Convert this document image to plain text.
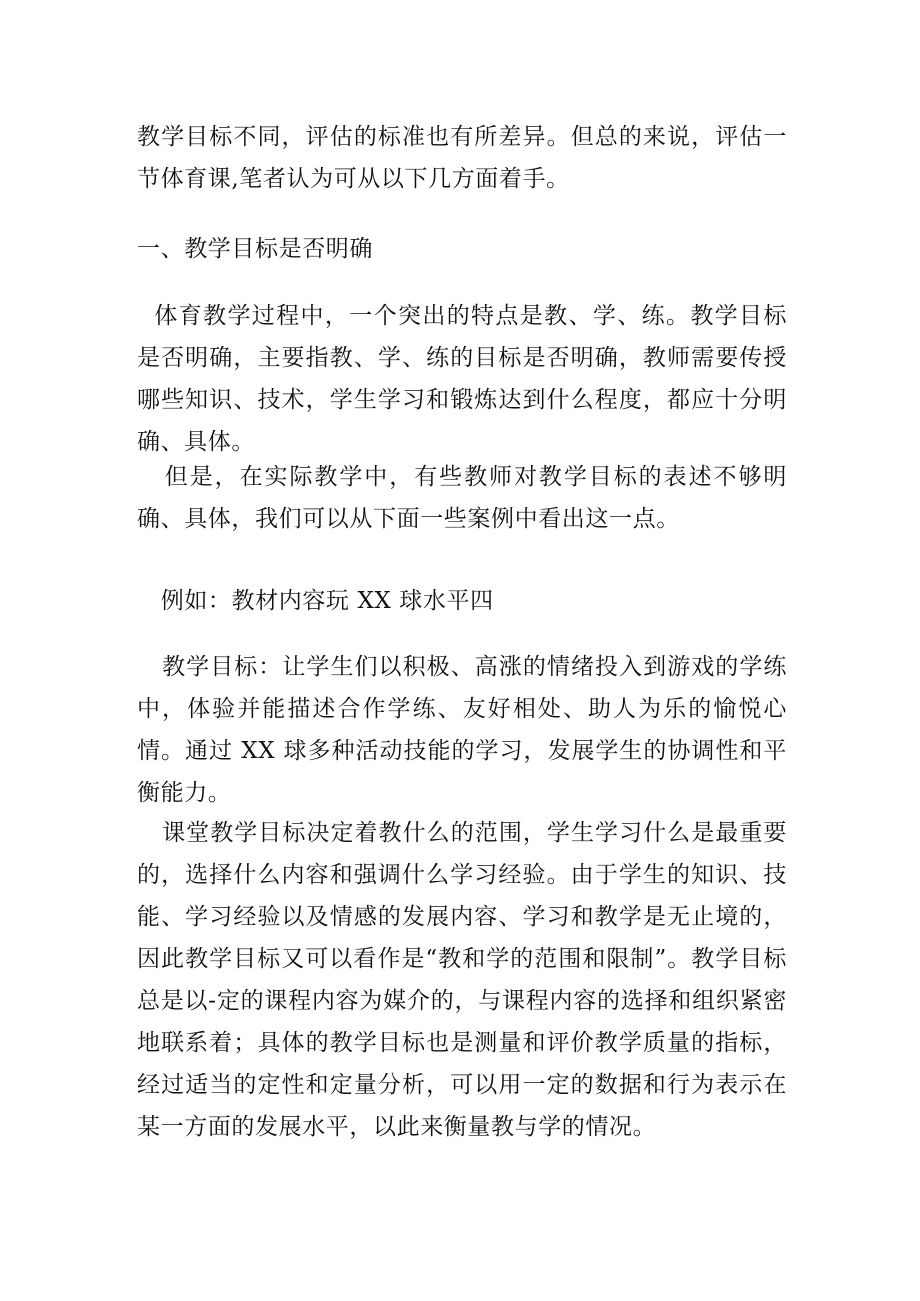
教学目标不同，评估的标准也有所差异。但总的来说，评估一节体育课,笔者认为可从以下几方面着手。

一、教学目标是否明确

体育教学过程中，一个突出的特点是教、学、练。教学目标是否明确，主要指教、学、练的目标是否明确，教师需要传授哪些知识、技术，学生学习和锻炼达到什么程度，都应十分明确、具体。

但是，在实际教学中，有些教师对教学目标的表述不够明确、具体，我们可以从下面一些案例中看出这一点。

例如：教材内容玩 XX 球水平四

教学目标：让学生们以积极、高涨的情绪投入到游戏的学练中，体验并能描述合作学练、友好相处、助人为乐的愉悦心情。通过 XX 球多种活动技能的学习，发展学生的协调性和平衡能力。

课堂教学目标决定着教什么的范围，学生学习什么是最重要的，选择什么内容和强调什么学习经验。由于学生的知识、技能、学习经验以及情感的发展内容、学习和教学是无止境的，因此教学目标又可以看作是“教和学的范围和限制”。教学目标总是以-定的课程内容为媒介的，与课程内容的选择和组织紧密地联系着；具体的教学目标也是测量和评价教学质量的指标，经过适当的定性和定量分析，可以用一定的数据和行为表示在某一方面的发展水平，以此来衡量教与学的情况。
